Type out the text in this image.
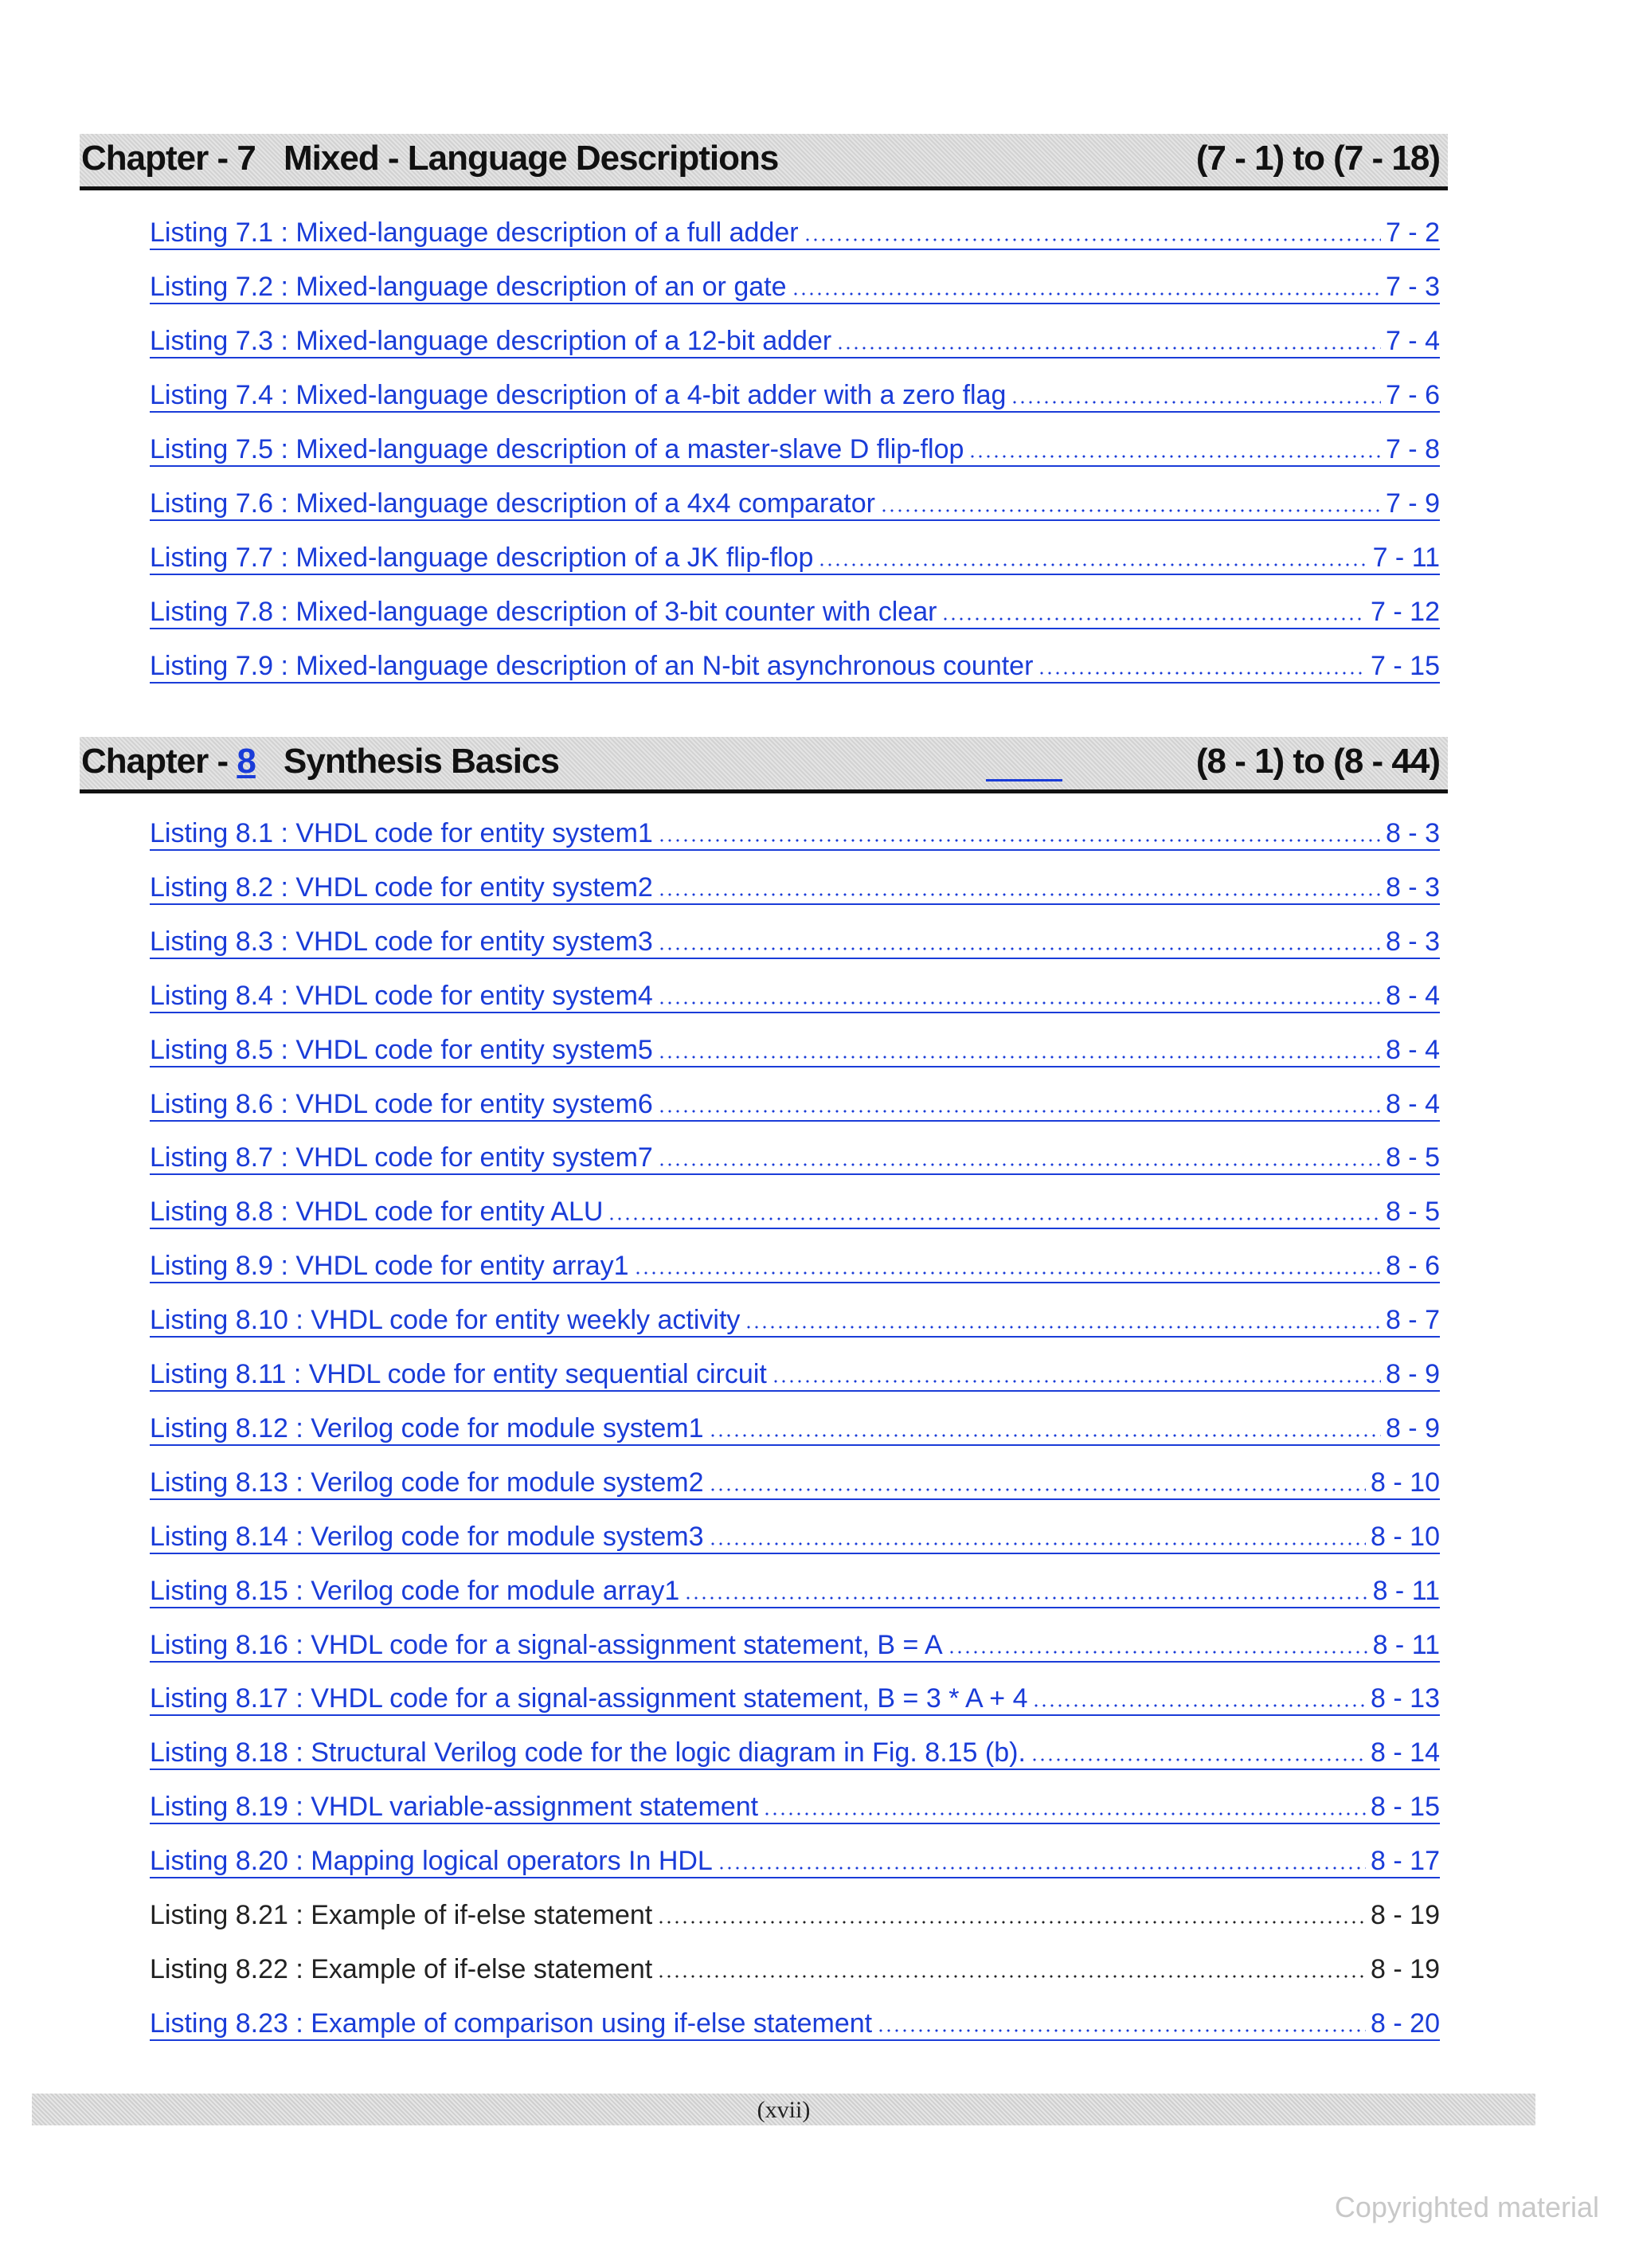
Chapter - 7 Mixed - Language Descriptions	(7 - 1) to (7 - 18)
Listing 7.1 : Mixed-language description of a full adder	7 - 2
Listing 7.2 : Mixed-language description of an or gate	7 - 3
Listing 7.3 : Mixed-language description of a 12-bit adder	7 - 4
Listing 7.4 : Mixed-language description of a 4-bit adder with a zero flag	7 - 6
Listing 7.5 : Mixed-language description of a master-slave D flip-flop	7 - 8
Listing 7.6 : Mixed-language description of a 4x4 comparator	7 - 9
Listing 7.7 : Mixed-language description of a JK flip-flop	7 - 11
Listing 7.8 : Mixed-language description of 3-bit counter with clear	7 - 12
Listing 7.9 : Mixed-language description of an N-bit asynchronous counter	7 - 15
Chapter - 8 Synthesis Basics	(8 - 1) to (8 - 44)
Listing 8.1 : VHDL code for entity system1	8 - 3
Listing 8.2 : VHDL code for entity system2	8 - 3
Listing 8.3 : VHDL code for entity system3	8 - 3
Listing 8.4 : VHDL code for entity system4	8 - 4
Listing 8.5 : VHDL code for entity system5	8 - 4
Listing 8.6 : VHDL code for entity system6	8 - 4
Listing 8.7 : VHDL code for entity system7	8 - 5
Listing 8.8 : VHDL code for entity ALU	8 - 5
Listing 8.9 : VHDL code for entity array1	8 - 6
Listing 8.10 : VHDL code for entity weekly activity	8 - 7
Listing 8.11 : VHDL code for entity sequential circuit	8 - 9
Listing 8.12 : Verilog code for module system1	8 - 9
Listing 8.13 : Verilog code for module system2	8 - 10
Listing 8.14 : Verilog code for module system3	8 - 10
Listing 8.15 : Verilog code for module array1	8 - 11
Listing 8.16 : VHDL code for a signal-assignment statement, B = A	8 - 11
Listing 8.17 : VHDL code for a signal-assignment statement, B = 3 * A + 4	8 - 13
Listing 8.18 : Structural Verilog code for the logic diagram in Fig. 8.15 (b).	8 - 14
Listing 8.19 : VHDL variable-assignment statement	8 - 15
Listing 8.20 : Mapping logical operators In HDL	8 - 17
Listing 8.21 : Example of if-else statement	8 - 19
Listing 8.22 : Example of if-else statement	8 - 19
Listing 8.23 : Example of comparison using if-else statement	8 - 20
(xvii)
Copyrighted material
